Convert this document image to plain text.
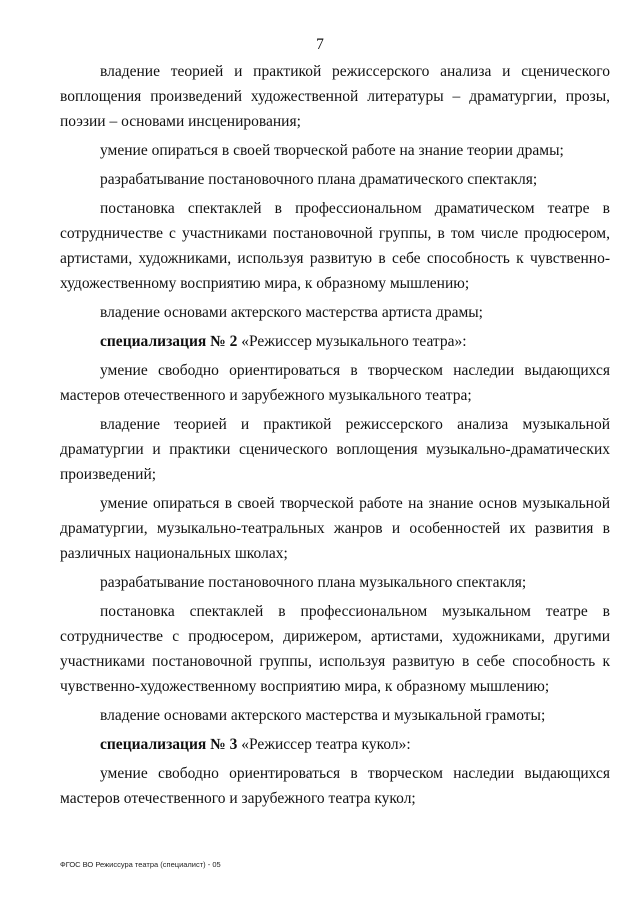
7

владение теорией и практикой режиссерского анализа и сценического воплощения произведений художественной литературы – драматургии, прозы, поэзии – основами инсценирования;

умение опираться в своей творческой работе на знание теории драмы;

разрабатывание постановочного плана драматического спектакля;

постановка спектаклей в профессиональном драматическом театре в сотрудничестве с участниками постановочной группы, в том числе продюсером, артистами, художниками, используя развитую в себе способность к чувственно-художественному восприятию мира, к образному мышлению;

владение основами актерского мастерства артиста драмы;

специализация № 2 «Режиссер музыкального театра»:

умение свободно ориентироваться в творческом наследии выдающихся мастеров отечественного и зарубежного музыкального театра;

владение теорией и практикой режиссерского анализа музыкальной драматургии и практики сценического воплощения музыкально-драматических произведений;

умение опираться в своей творческой работе на знание основ музыкальной драматургии, музыкально-театральных жанров и особенностей их развития в различных национальных школах;

разрабатывание постановочного плана музыкального спектакля;

постановка спектаклей в профессиональном музыкальном театре в сотрудничестве с продюсером, дирижером, артистами, художниками, другими участниками постановочной группы, используя развитую в себе способность к чувственно-художественному восприятию мира, к образному мышлению;

владение основами актерского мастерства и музыкальной грамоты;

специализация № 3 «Режиссер театра кукол»:

умение свободно ориентироваться в творческом наследии выдающихся мастеров отечественного и зарубежного театра кукол;

ФГОС ВО Режиссура театра (специалист) - 05
